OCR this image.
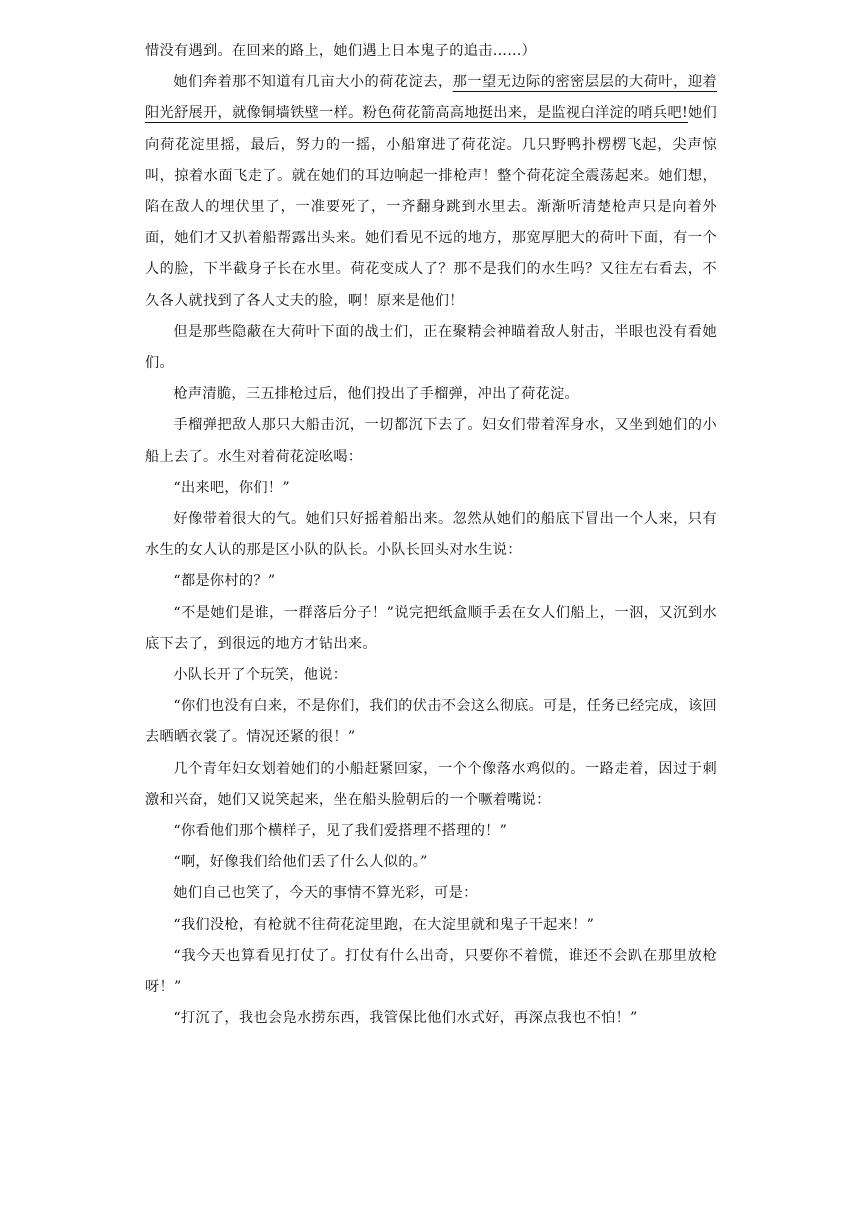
惜没有遇到。在回来的路上，她们遇上日本鬼子的追击……）

她们奔着那不知道有几亩大小的荷花淀去，那一望无边际的密密层层的大荷叶，迎着阳光舒展开，就像铜墙铁壁一样。粉色荷花箭高高地挺出来，是监视白洋淀的哨兵吧!她们向荷花淀里摇，最后，努力的一摇，小船窜进了荷花淀。几只野鸭扑楞楞飞起，尖声惊叫，掠着水面飞走了。就在她们的耳边响起一排枪声！整个荷花淀全震荡起来。她们想，陷在敌人的埋伏里了，一准要死了，一齐翻身跳到水里去。渐渐听清楚枪声只是向着外面，她们才又扒着船帮露出头来。她们看见不远的地方，那宽厚肥大的荷叶下面，有一个人的脸，下半截身子长在水里。荷花变成人了？那不是我们的水生吗？又往左右看去，不久各人就找到了各人丈夫的脸，啊！原来是他们！

但是那些隐蔽在大荷叶下面的战士们，正在聚精会神瞄着敌人射击，半眼也没有看她们。

枪声清脆，三五排枪过后，他们投出了手榴弹，冲出了荷花淀。

手榴弹把敌人那只大船击沉，一切都沉下去了。妇女们带着浑身水，又坐到她们的小船上去了。水生对着荷花淀吆喝：

“出来吧，你们！”

好像带着很大的气。她们只好摇着船出来。忽然从她们的船底下冒出一个人来，只有水生的女人认的那是区小队的队长。小队长回头对水生说：

“都是你村的？”

“不是她们是谁，一群落后分子！”说完把纸盒顺手丢在女人们船上，一泅，又沉到水底下去了，到很远的地方才钻出来。

小队长开了个玩笑，他说：

“你们也没有白来，不是你们，我们的伏击不会这么彻底。可是，任务已经完成，该回去晒晒衣裳了。情况还紧的很！”

几个青年妇女划着她们的小船赶紧回家，一个个像落水鸡似的。一路走着，因过于刺激和兴奋，她们又说笑起来，坐在船头脸朝后的一个噘着嘴说：

“你看他们那个横样子，见了我们爱搭理不搭理的！”

“啊，好像我们给他们丢了什么人似的。”

她们自己也笑了，今天的事情不算光彩，可是：

“我们没枪，有枪就不往荷花淀里跑，在大淀里就和鬼子干起来！”

“我今天也算看见打仗了。打仗有什么出奇，只要你不着慌，谁还不会趴在那里放枪呀！”

“打沉了，我也会凫水捞东西，我管保比他们水式好，再深点我也不怕！”
